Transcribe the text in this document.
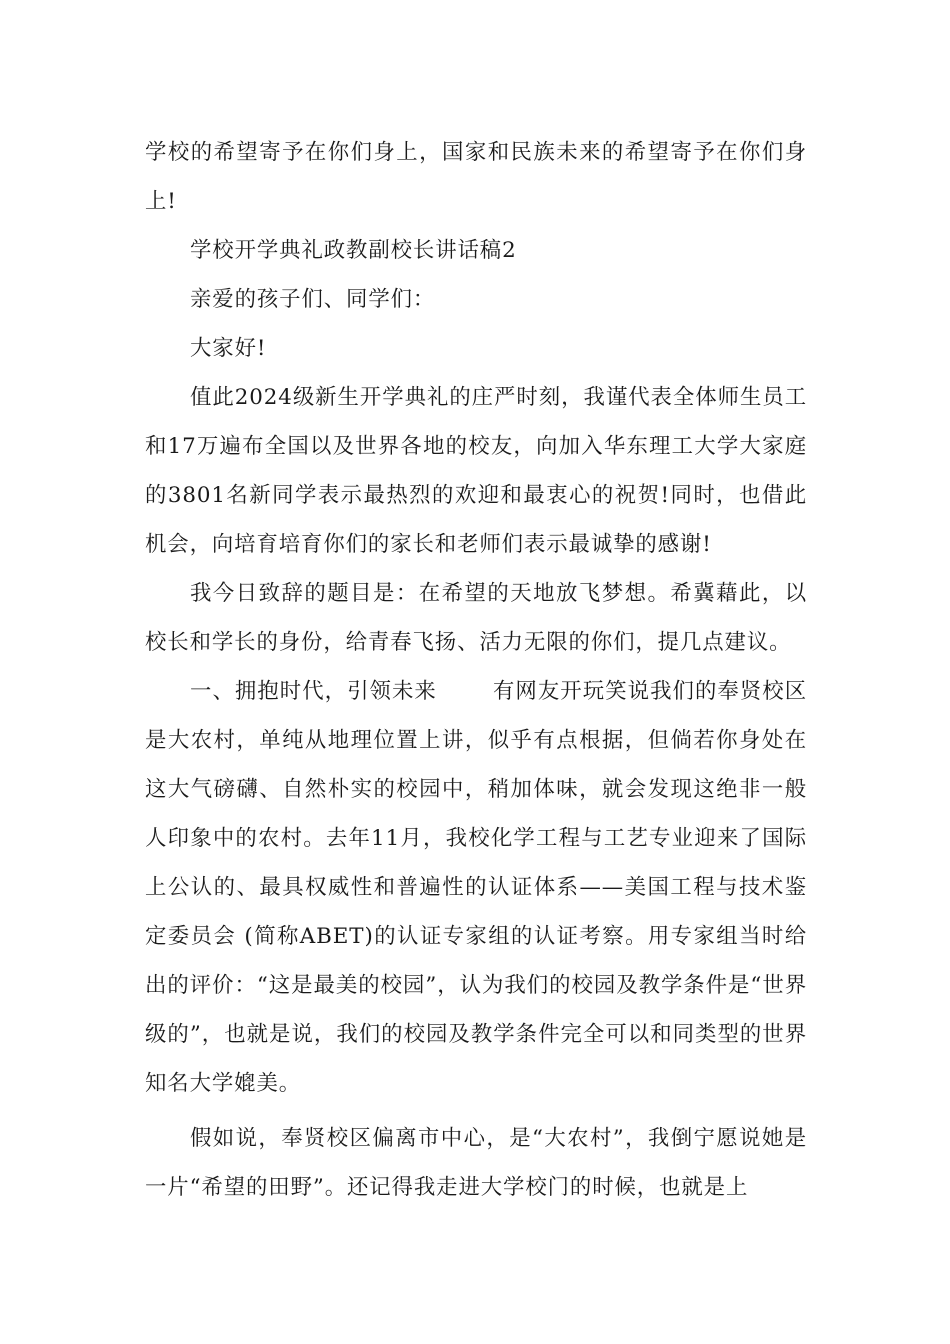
学校的希望寄予在你们身上，国家和民族未来的希望寄予在你们身上!

学校开学典礼政教副校长讲话稿2

亲爱的孩子们、同学们：

大家好!

值此2024级新生开学典礼的庄严时刻，我谨代表全体师生员工和17万遍布全国以及世界各地的校友，向加入华东理工大学大家庭的3801名新同学表示最热烈的欢迎和最衷心的祝贺!同时，也借此机会，向培育培育你们的家长和老师们表示最诚挚的感谢!

我今日致辞的题目是：在希望的天地放飞梦想。希冀藉此，以校长和学长的身份，给青春飞扬、活力无限的你们，提几点建议。

一、拥抱时代，引领未来	有网友开玩笑说我们的奉贤校区是大农村，单纯从地理位置上讲，似乎有点根据，但倘若你身处在这大气磅礴、自然朴实的校园中，稍加体味，就会发现这绝非一般人印象中的农村。去年11月，我校化学工程与工艺专业迎来了国际上公认的、最具权威性和普遍性的认证体系——美国工程与技术鉴定委员会 (简称ABET)的认证专家组的认证考察。用专家组当时给出的评价：“这是最美的校园”，认为我们的校园及教学条件是“世界级的”，也就是说，我们的校园及教学条件完全可以和同类型的世界知名大学媲美。

假如说，奉贤校区偏离市中心，是“大农村”，我倒宁愿说她是一片“希望的田野”。还记得我走进大学校门的时候，也就是上
